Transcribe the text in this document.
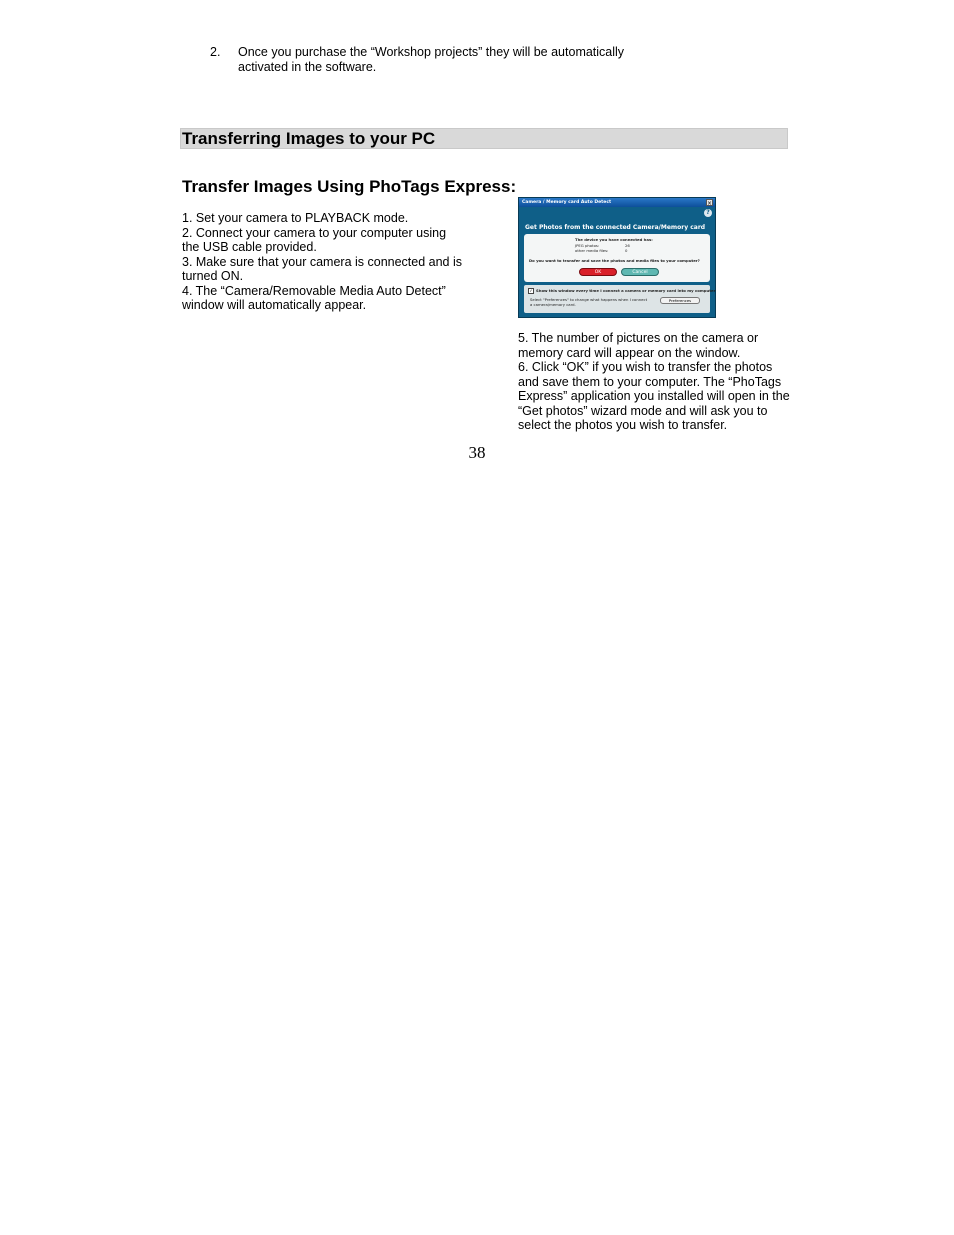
2. Once you purchase the “Workshop projects” they will be automatically activated in the software.
Transferring Images to your PC
Transfer Images Using PhoTags Express:

1. Set your camera to PLAYBACK mode.

2. Connect your camera to your computer using the USB cable provided.

3. Make sure that your camera is connected and is turned ON.

4. The “Camera/Removable Media Auto Detect” window will automatically appear.

Camera / Memory card Auto Detect	×
?
Get Photos from the connected Camera/Memory card
The device you have connected has:
JPEG photos:	26
other media files:	0
Do you want to transfer and save the photos and media files to your computer?
OK	Cancel
✓ Show this window every time I connect a camera or memory card into my computer
Select "Preferences" to change what happens when I connect a camera/memory card.
Preferences

5. The number of pictures on the camera or memory card will appear on the window.

6. Click “OK” if you wish to transfer the photos and save them to your computer. The “PhoTags Express” application you installed will open in the “Get photos” wizard mode and will ask you to select the photos you wish to transfer.

38
